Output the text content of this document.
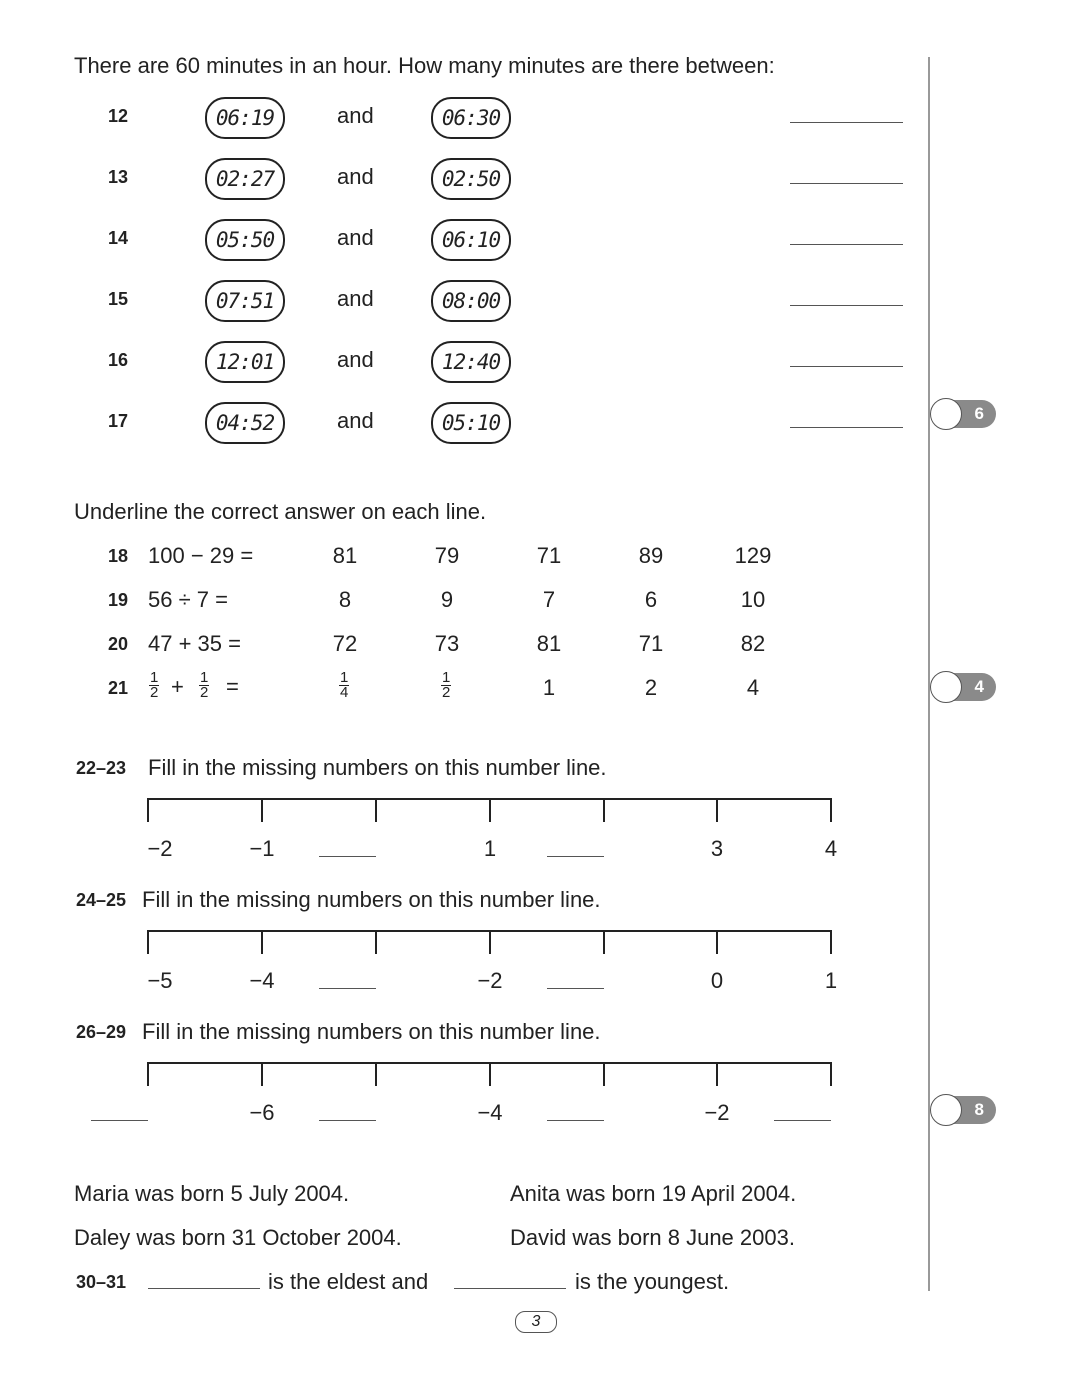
There are 60 minutes in an hour. How many minutes are there between:
12	06:19	and	06:30
13	02:27	and	02:50
14	05:50	and	06:10
15	07:51	and	08:00
16	12:01	and	12:40
17	04:52	and	05:10
Underline the correct answer on each line.
18 100 − 29 =	81	79	71	89	129
19 56 ÷ 7 =	8	9	7	6	10
20 47 + 35 =	72	73	81	71	82
$21 \frac{1}{2} + \frac{1}{2}$ =	$\frac{1}{4}$	$\frac{1}{2}$	1	2	4
22–23 Fill in the missing numbers on this number line.
−2	−1	1	3	4
24–25 Fill in the missing numbers on this number line.
−5	−4	−2	0	1
26–29 Fill in the missing numbers on this number line.
−6	−4	−2
6
4
8
Maria was born 5 July 2004.
Daley was born 31 October 2004.
Anita was born 19 April 2004.
David was born 8 June 2003.
30–31	is the eldest and	is the youngest.
3
